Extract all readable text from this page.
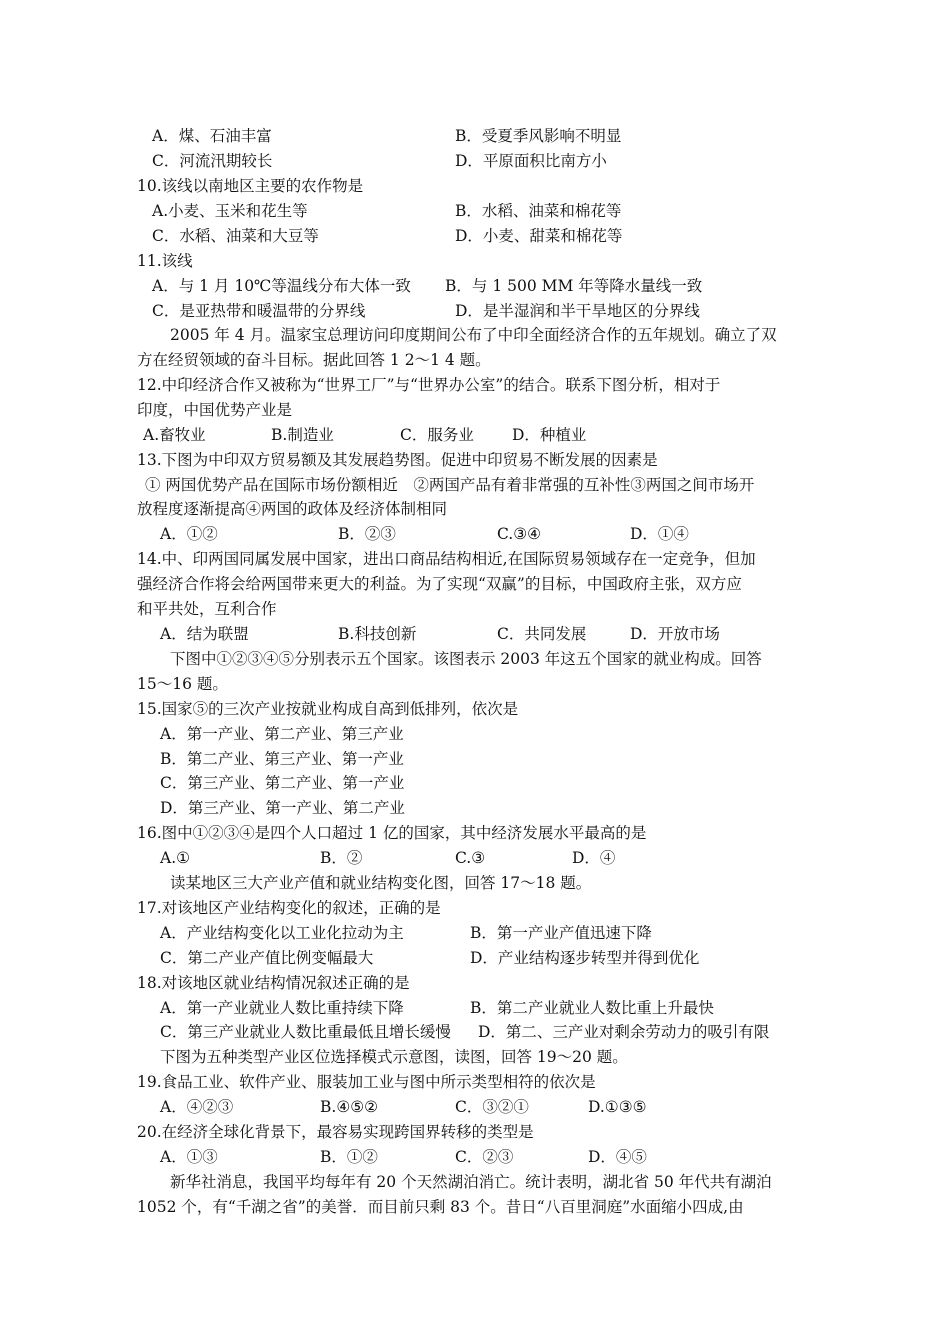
A．煤、石油丰富	B．受夏季风影响不明显
C．河流汛期较长	D．平原面积比南方小
10.该线以南地区主要的农作物是
A.小麦、玉米和花生等	B．水稻、油菜和棉花等
C．水稻、油菜和大豆等	D．小麦、甜菜和棉花等
11.该线
A．与 1 月 10℃等温线分布大体一致 B．与 1 500 MM 年等降水量线一致
C．是亚热带和暖温带的分界线	D．是半湿润和半干旱地区的分界线
2005 年 4 月。温家宝总理访问印度期间公布了中印全面经济合作的五年规划。确立了双
方在经贸领域的奋斗目标。据此回答 1 2～1 4 题。
12.中印经济合作又被称为“世界工厂”与“世界办公室”的结合。联系下图分析，相对于
印度，中国优势产业是
A.畜牧业	B.制造业	C．服务业 D．种植业
13.下图为中印双方贸易额及其发展趋势图。促进中印贸易不断发展的因素是
① 两国优势产品在国际市场份额相近　②两国产品有着非常强的互补性③两国之间市场开
放程度逐渐提高④两国的政体及经济体制相同
A．①②	B．②③	C.③④	D．①④
14.中、印两国同属发展中国家，进出口商品结构相近,在国际贸易领域存在一定竞争，但加
强经济合作将会给两国带来更大的利益。为了实现“双赢”的目标，中国政府主张，双方应
和平共处，互利合作
A．结为联盟	B.科技创新	C．共同发展	D．开放市场
下图中①②③④⑤分别表示五个国家。该图表示 2003 年这五个国家的就业构成。回答
15～16 题。
15.国家⑤的三次产业按就业构成自高到低排列，依次是
A．第一产业、第二产业、第三产业
B．第二产业、第三产业、第一产业
C．第三产业、第二产业、第一产业
D．第三产业、第一产业、第二产业
16.图中①②③④是四个人口超过 1 亿的国家，其中经济发展水平最高的是
A.①	B．②	C.③	D．④
读某地区三大产业产值和就业结构变化图，回答 17～18 题。
17.对该地区产业结构变化的叙述，正确的是
A．产业结构变化以工业化拉动为主	B．第一产业产值迅速下降
C．第二产业产值比例变幅最大	D．产业结构逐步转型并得到优化
18.对该地区就业结构情况叙述正确的是
A．第一产业就业人数比重持续下降	B．第二产业就业人数比重上升最快
C．第三产业就业人数比重最低且增长缓慢 D．第二、三产业对剩余劳动力的吸引有限
下图为五种类型产业区位选择模式示意图，读图，回答 19～20 题。
19.食品工业、软件产业、服装加工业与图中所示类型相符的依次是
A．④②③	B.④⑤②	C．③②①	D.①③⑤
20.在经济全球化背景下，最容易实现跨国界转移的类型是
A．①③	B．①②	C．②③	D．④⑤
新华社消息，我国平均每年有 20 个天然湖泊消亡。统计表明，湖北省 50 年代共有湖泊
1052 个，有“千湖之省”的美誉．而目前只剩 83 个。昔日“八百里洞庭”水面缩小四成,由
